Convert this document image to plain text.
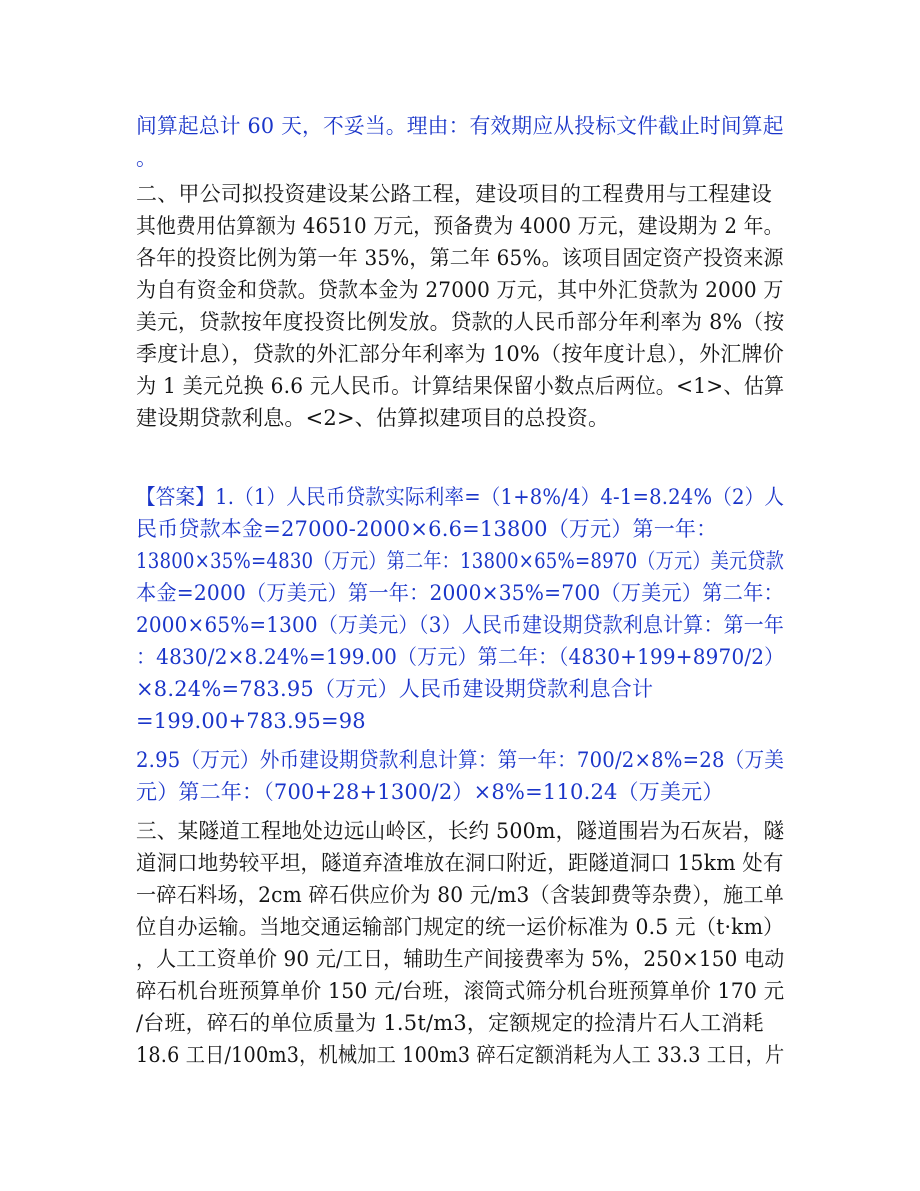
间算起总计 60 天，不妥当。理由：有效期应从投标文件截止时间算起
。
二、甲公司拟投资建设某公路工程，建设项目的工程费用与工程建设
其他费用估算额为 46510 万元，预备费为 4000 万元，建设期为 2 年。
各年的投资比例为第一年 35%，第二年 65%。该项目固定资产投资来源
为自有资金和贷款。贷款本金为 27000 万元，其中外汇贷款为 2000 万
美元，贷款按年度投资比例发放。贷款的人民币部分年利率为 8%（按
季度计息），贷款的外汇部分年利率为 10%（按年度计息），外汇牌价
为 1 美元兑换 6.6 元人民币。计算结果保留小数点后两位。<1>、估算
建设期贷款利息。<2>、估算拟建项目的总投资。
【答案】1.（1）人民币贷款实际利率=（1+8%/4）4-1=8.24%（2）人
民币贷款本金=27000-2000×6.6=13800（万元）第一年：
13800×35%=4830（万元）第二年：13800×65%=8970（万元）美元贷款
本金=2000（万美元）第一年：2000×35%=700（万美元）第二年：
2000×65%=1300（万美元）（3）人民币建设期贷款利息计算：第一年
：4830/2×8.24%=199.00（万元）第二年：（4830+199+8970/2）
×8.24%=783.95（万元）人民币建设期贷款利息合计
=199.00+783.95=98
2.95（万元）外币建设期贷款利息计算：第一年：700/2×8%=28（万美
元）第二年：（700+28+1300/2）×8%=110.24（万美元）
三、某隧道工程地处边远山岭区，长约 500m，隧道围岩为石灰岩，隧
道洞口地势较平坦，隧道弃渣堆放在洞口附近，距隧道洞口 15km 处有
一碎石料场，2cm 碎石供应价为 80 元/m3（含装卸费等杂费），施工单
位自办运输。当地交通运输部门规定的统一运价标准为 0.5 元（t·km）
，人工工资单价 90 元/工日，辅助生产间接费率为 5%，250×150 电动
碎石机台班预算单价 150 元/台班，滚筒式筛分机台班预算单价 170 元
/台班，碎石的单位质量为 1.5t/m3，定额规定的捡清片石人工消耗
18.6 工日/100m3，机械加工 100m3 碎石定额消耗为人工 33.3 工日，片
